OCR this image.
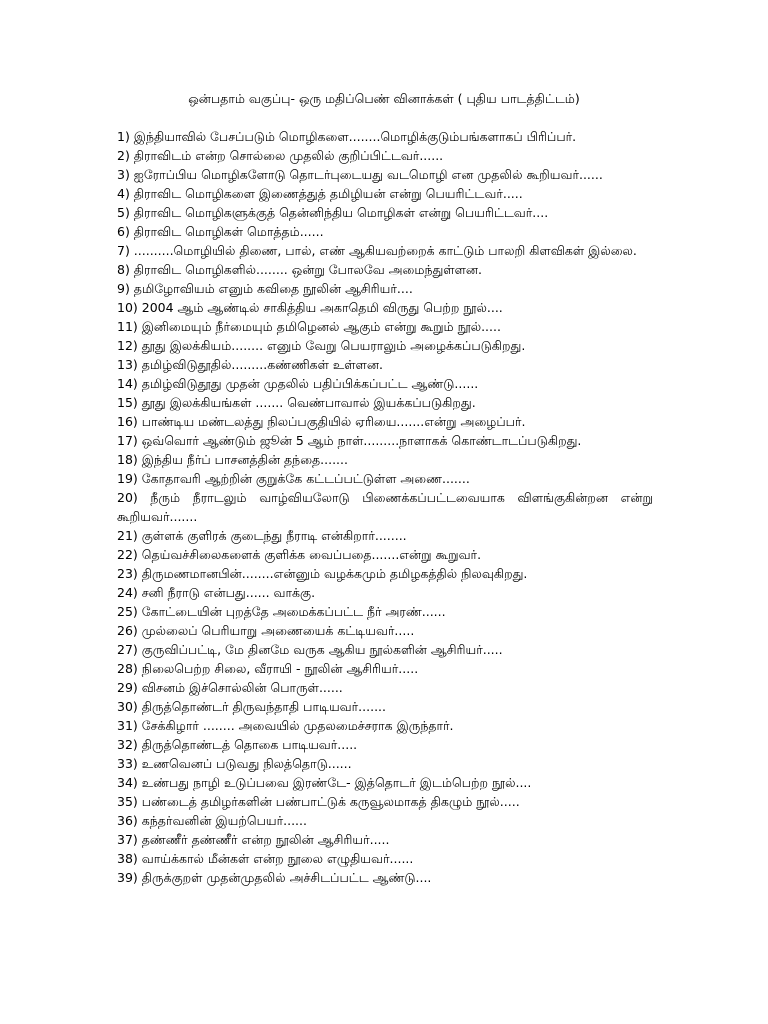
ஒன்பதாம் வகுப்பு- ஒரு மதிப்பெண் வினாக்கள் ( புதிய பாடத்திட்டம்)
1) இந்தியாவில் பேசப்படும் மொழிகளை........மொழிக்குடும்பங்களாகப் பிரிப்பர்.
2) திராவிடம் என்ற சொல்லை முதலில் குறிப்பிட்டவர்......
3) ஐரோப்பிய மொழிகளோடு தொடர்புடையது வடமொழி என முதலில் கூறியவர்......
4) திராவிட மொழிகளை இணைத்துத் தமிழியன் என்று பெயரிட்டவர்.....
5) திராவிட மொழிகளுக்குத் தென்னிந்திய மொழிகள் என்று பெயரிட்டவர்....
6) திராவிட மொழிகள் மொத்தம்......
7) ..........மொழியில் திணை, பால், எண் ஆகியவற்றைக் காட்டும் பாலறி கிளவிகள் இல்லை.
8) திராவிட மொழிகளில்........ ஒன்று போலவே அமைந்துள்ளன.
9) தமிழோவியம் எனும் கவிதை நூலின் ஆசிரியர்....
10) 2004 ஆம் ஆண்டில் சாகித்திய அகாதெமி விருது பெற்ற நூல்....
11) இனிமையும் நீர்மையும் தமிழெனல் ஆகும் என்று கூறும் நூல்.....
12) தூது இலக்கியம்........ எனும் வேறு பெயராலும் அழைக்கப்படுகிறது.
13) தமிழ்விடுதூதில்.........கண்ணிகள் உள்ளன.
14) தமிழ்விடுதூது முதன் முதலில் பதிப்பிக்கப்பட்ட ஆண்டு......
15) தூது இலக்கியங்கள் ....... வெண்பாவால் இயக்கப்படுகிறது.
16) பாண்டிய மண்டலத்து நிலப்பகுதியில் ஏரியை.......என்று அழைப்பர்.
17) ஒவ்வொர் ஆண்டும் ஜூன் 5 ஆம் நாள்.........நாளாகக் கொண்டாடப்படுகிறது.
18) இந்திய நீர்ப் பாசனத்தின் தந்தை.......
19) கோதாவரி ஆற்றின் குறுக்கே கட்டப்பட்டுள்ள அணை.......
20) நீரும் நீராடலும் வாழ்வியலோடு பிணைக்கப்பட்டவையாக விளங்குகின்றன என்று கூறியவர்.......
21) குள்ளக் குளிரக் குடைந்து நீராடி என்கிறார்........
22) தெய்வச்சிலைகளைக் குளிக்க வைப்பதை.......என்று கூறுவர்.
23) திருமணமானபின்........என்னும் வழக்கமும் தமிழகத்தில் நிலவுகிறது.
24) சனி நீராடு என்பது...... வாக்கு.
25) கோட்டையின் புறத்தே அமைக்கப்பட்ட நீர் அரண்......
26) முல்லைப் பெரியாறு அணையைக் கட்டியவர்.....
27) குருவிப்பட்டி, மே தினமே வருக ஆகிய நூல்களின் ஆசிரியர்.....
28) நிலைபெற்ற சிலை, வீராயி - நூலின் ஆசிரியர்.....
29) விசனம் இச்சொல்லின் பொருள்......
30) திருத்தொண்டர் திருவந்தாதி பாடியவர்.......
31) சேக்கிழார் ........ அவையில் முதலமைச்சராக இருந்தார்.
32) திருத்தொண்டத் தொகை பாடியவர்.....
33) உணவெனப் படுவது நிலத்தொடு......
34) உண்பது நாழி உடுப்பவை இரண்டே- இத்தொடர் இடம்பெற்ற நூல்....
35) பண்டைத் தமிழர்களின் பண்பாட்டுக் கருவூலமாகத் திகழும் நூல்.....
36) கந்தர்வனின் இயற்பெயர்......
37) தண்ணீர் தண்ணீர் என்ற நூலின் ஆசிரியர்.....
38) வாய்க்கால் மீன்கள் என்ற நூலை எழுதியவர்......
39) திருக்குறள் முதன்முதலில் அச்சிடப்பட்ட ஆண்டு....
